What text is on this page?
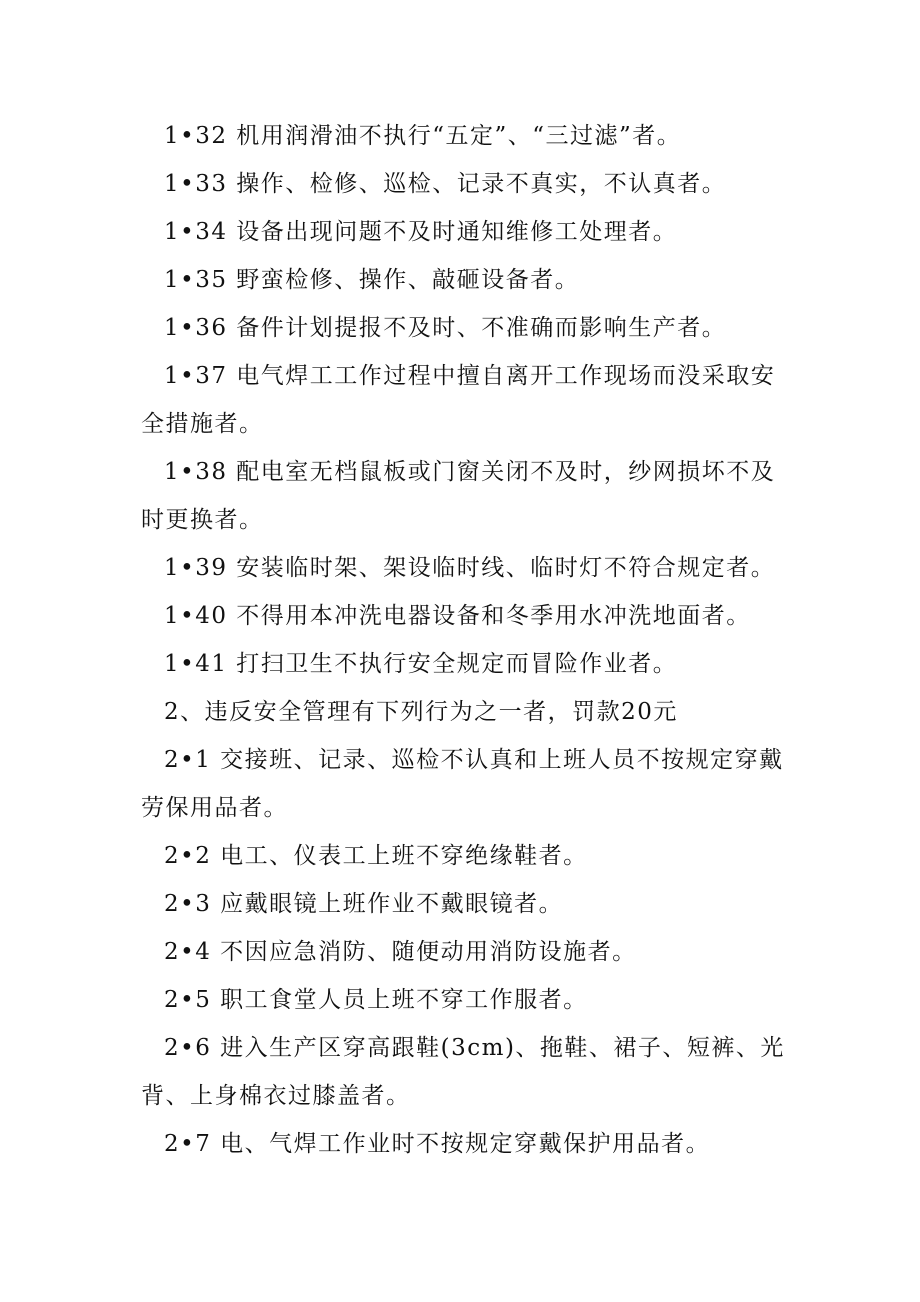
1•32 机用润滑油不执行“五定”、“三过滤”者。

1•33 操作、检修、巡检、记录不真实，不认真者。

1•34 设备出现问题不及时通知维修工处理者。

1•35 野蛮检修、操作、敲砸设备者。

1•36 备件计划提报不及时、不准确而影响生产者。

1•37 电气焊工工作过程中擅自离开工作现场而没采取安全措施者。

1•38 配电室无档鼠板或门窗关闭不及时，纱网损坏不及时更换者。

1•39 安装临时架、架设临时线、临时灯不符合规定者。

1•40 不得用本冲洗电器设备和冬季用水冲洗地面者。

1•41 打扫卫生不执行安全规定而冒险作业者。

2、违反安全管理有下列行为之一者，罚款20元

2•1 交接班、记录、巡检不认真和上班人员不按规定穿戴劳保用品者。

2•2 电工、仪表工上班不穿绝缘鞋者。

2•3 应戴眼镜上班作业不戴眼镜者。

2•4 不因应急消防、随便动用消防设施者。

2•5 职工食堂人员上班不穿工作服者。

2•6 进入生产区穿高跟鞋(3cm)、拖鞋、裙子、短裤、光背、上身棉衣过膝盖者。

2•7 电、气焊工作业时不按规定穿戴保护用品者。
